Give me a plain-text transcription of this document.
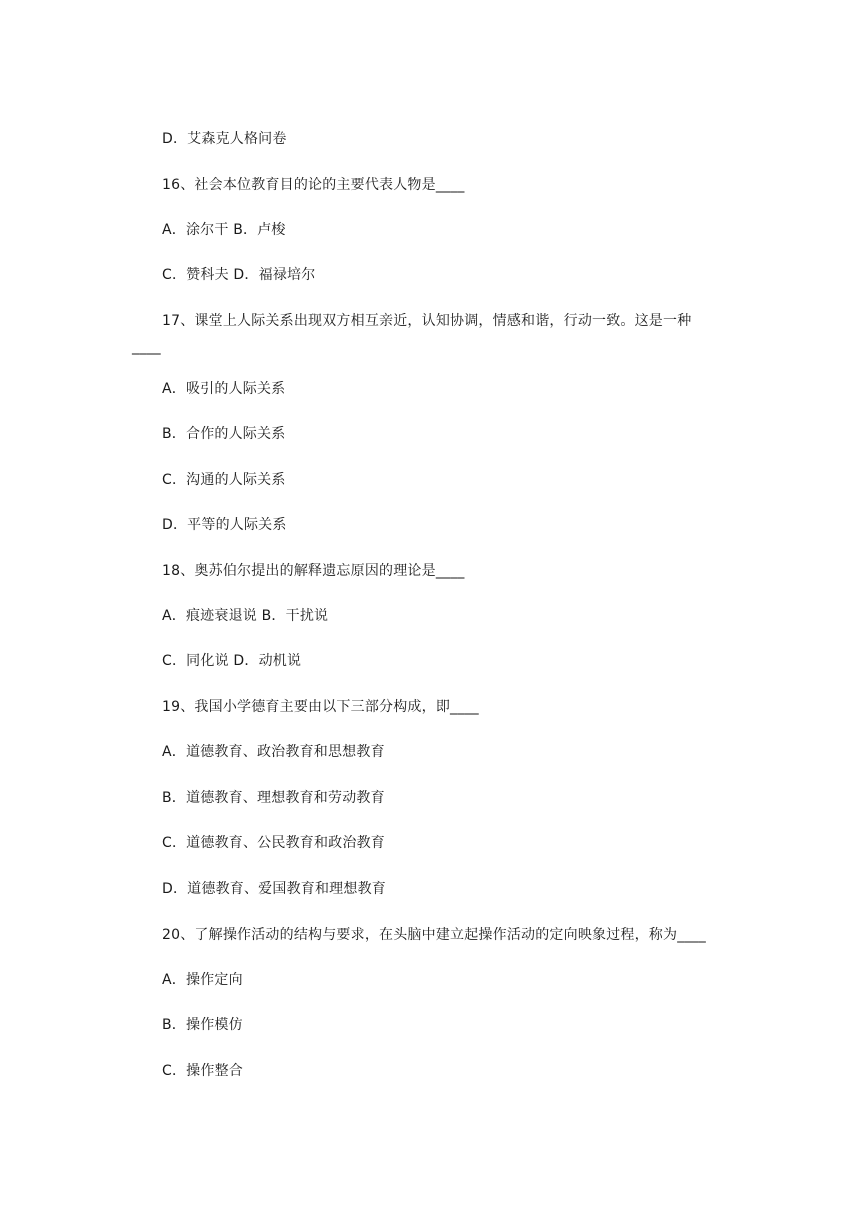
D．艾森克人格问卷
16、社会本位教育目的论的主要代表人物是____
A．涂尔干 B．卢梭
C．赞科夫 D．福禄培尔
17、课堂上人际关系出现双方相互亲近，认知协调，情感和谐，行动一致。这是一种
____
A．吸引的人际关系
B．合作的人际关系
C．沟通的人际关系
D．平等的人际关系
18、奥苏伯尔提出的解释遗忘原因的理论是____
A．痕迹衰退说 B．干扰说
C．同化说 D．动机说
19、我国小学德育主要由以下三部分构成，即____
A．道德教育、政治教育和思想教育
B．道德教育、理想教育和劳动教育
C．道德教育、公民教育和政治教育
D．道德教育、爱国教育和理想教育
20、了解操作活动的结构与要求，在头脑中建立起操作活动的定向映象过程，称为____
A．操作定向
B．操作模仿
C．操作整合
